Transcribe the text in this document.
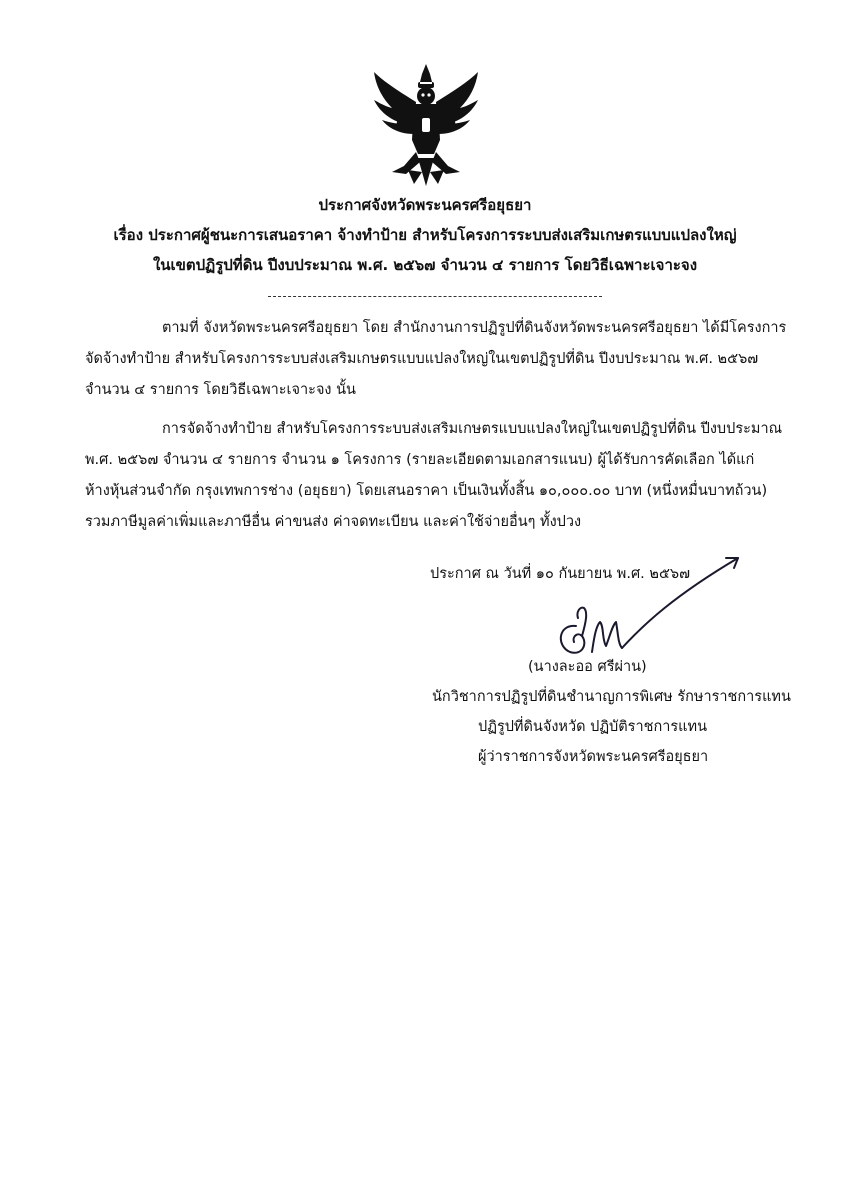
ประกาศจังหวัดพระนครศรีอยุธยา
เรื่อง ประกาศผู้ชนะการเสนอราคา จ้างทำป้าย สำหรับโครงการระบบส่งเสริมเกษตรแบบแปลงใหญ่
ในเขตปฏิรูปที่ดิน ปีงบประมาณ พ.ศ. ๒๕๖๗ จำนวน ๔ รายการ โดยวิธีเฉพาะเจาะจง
ตามที่ จังหวัดพระนครศรีอยุธยา โดย สำนักงานการปฏิรูปที่ดินจังหวัดพระนครศรีอยุธยา ได้มีโครงการ
จัดจ้างทำป้าย สำหรับโครงการระบบส่งเสริมเกษตรแบบแปลงใหญ่ในเขตปฏิรูปที่ดิน ปีงบประมาณ พ.ศ. ๒๕๖๗
จำนวน ๔ รายการ โดยวิธีเฉพาะเจาะจง นั้น
การจัดจ้างทำป้าย สำหรับโครงการระบบส่งเสริมเกษตรแบบแปลงใหญ่ในเขตปฏิรูปที่ดิน ปีงบประมาณ
พ.ศ. ๒๕๖๗ จำนวน ๔ รายการ จำนวน ๑ โครงการ (รายละเอียดตามเอกสารแนบ) ผู้ได้รับการคัดเลือก ได้แก่
ห้างหุ้นส่วนจำกัด กรุงเทพการช่าง (อยุธยา) โดยเสนอราคา เป็นเงินทั้งสิ้น ๑๐,๐๐๐.๐๐ บาท (หนึ่งหมื่นบาทถ้วน)
รวมภาษีมูลค่าเพิ่มและภาษีอื่น ค่าขนส่ง ค่าจดทะเบียน และค่าใช้จ่ายอื่นๆ ทั้งปวง
ประกาศ ณ วันที่ ๑๐ กันยายน พ.ศ. ๒๕๖๗
(นางละออ ศรีผ่าน)
นักวิชาการปฏิรูปที่ดินชำนาญการพิเศษ รักษาราชการแทน
ปฏิรูปที่ดินจังหวัด ปฏิบัติราชการแทน
ผู้ว่าราชการจังหวัดพระนครศรีอยุธยา
